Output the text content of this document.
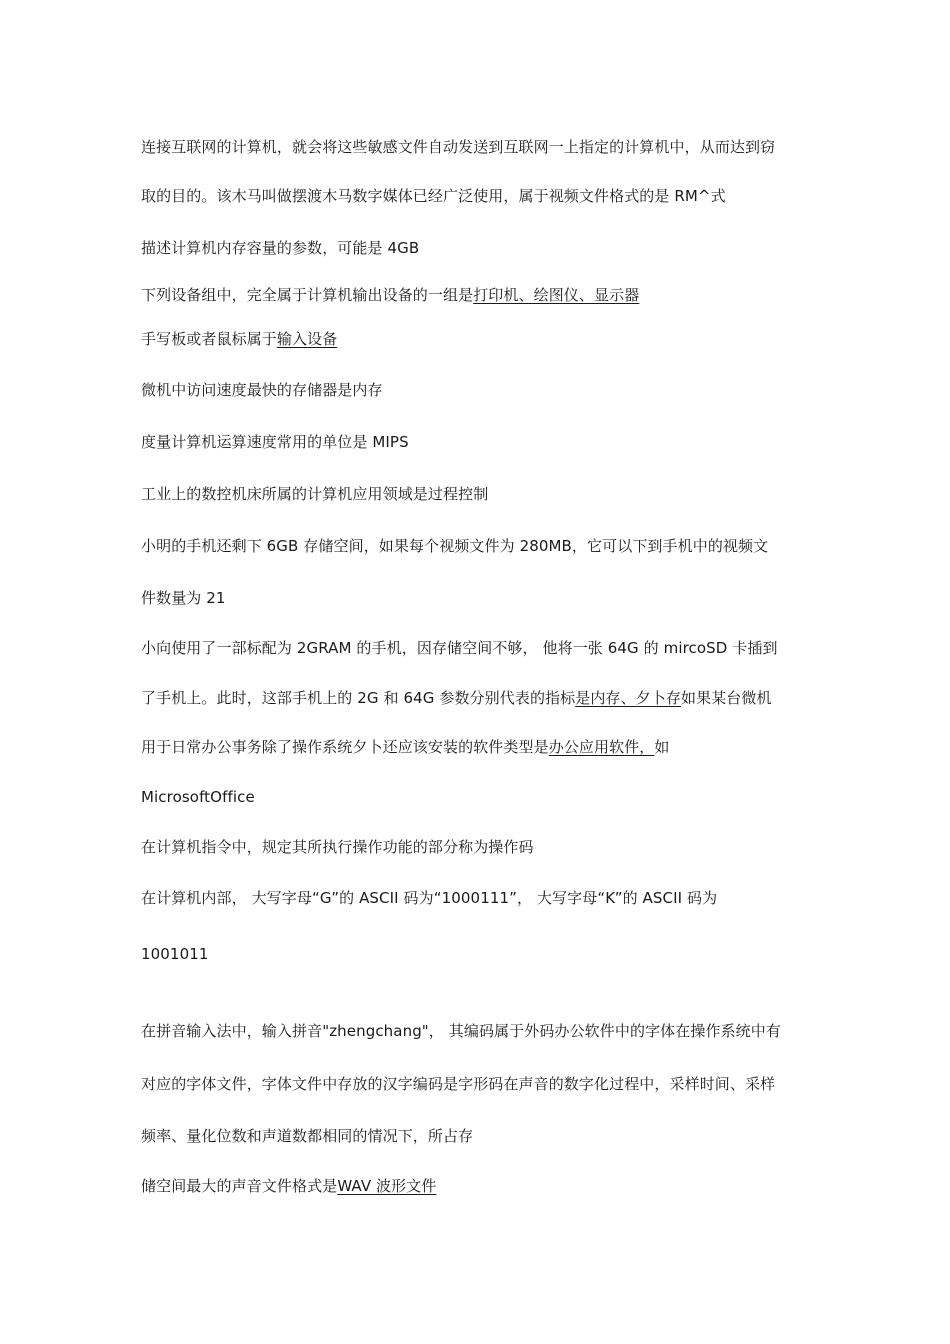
连接互联网的计算机，就会将这些敏感文件自动发送到互联网一上指定的计算机中，从而达到窃
取的目的。该木马叫做摆渡木马数字媒体已经广泛使用，属于视频文件格式的是 RM^式
描述计算机内存容量的参数，可能是 4GB
下列设备组中，完全属于计算机输出设备的一组是打印机、绘图仪、显示器
手写板或者鼠标属于输入设备
微机中访问速度最快的存储器是内存
度量计算机运算速度常用的单位是 MIPS
工业上的数控机床所属的计算机应用领域是过程控制
小明的手机还剩下 6GB 存储空间，如果每个视频文件为 280MB，它可以下到手机中的视频文
件数量为 21
小向使用了一部标配为 2GRAM 的手机，因存储空间不够， 他将一张 64G 的 mircoSD 卡插到
了手机上。此时，这部手机上的 2G 和 64G 参数分别代表的指标是内存、夕卜存如果某台微机
用于日常办公事务除了操作系统夕卜还应该安装的软件类型是办公应用软件，如
MicrosoftOffice
在计算机指令中，规定其所执行操作功能的部分称为操作码
在计算机内部， 大写字母“G”的 ASCII 码为“1000111”， 大写字母“K”的 ASCII 码为
1001011
在拼音输入法中，输入拼音"zhengchang"， 其编码属于外码办公软件中的字体在操作系统中有
对应的字体文件，字体文件中存放的汉字编码是字形码在声音的数字化过程中，采样时间、采样
频率、量化位数和声道数都相同的情况下，所占存
储空间最大的声音文件格式是WAV 波形文件
